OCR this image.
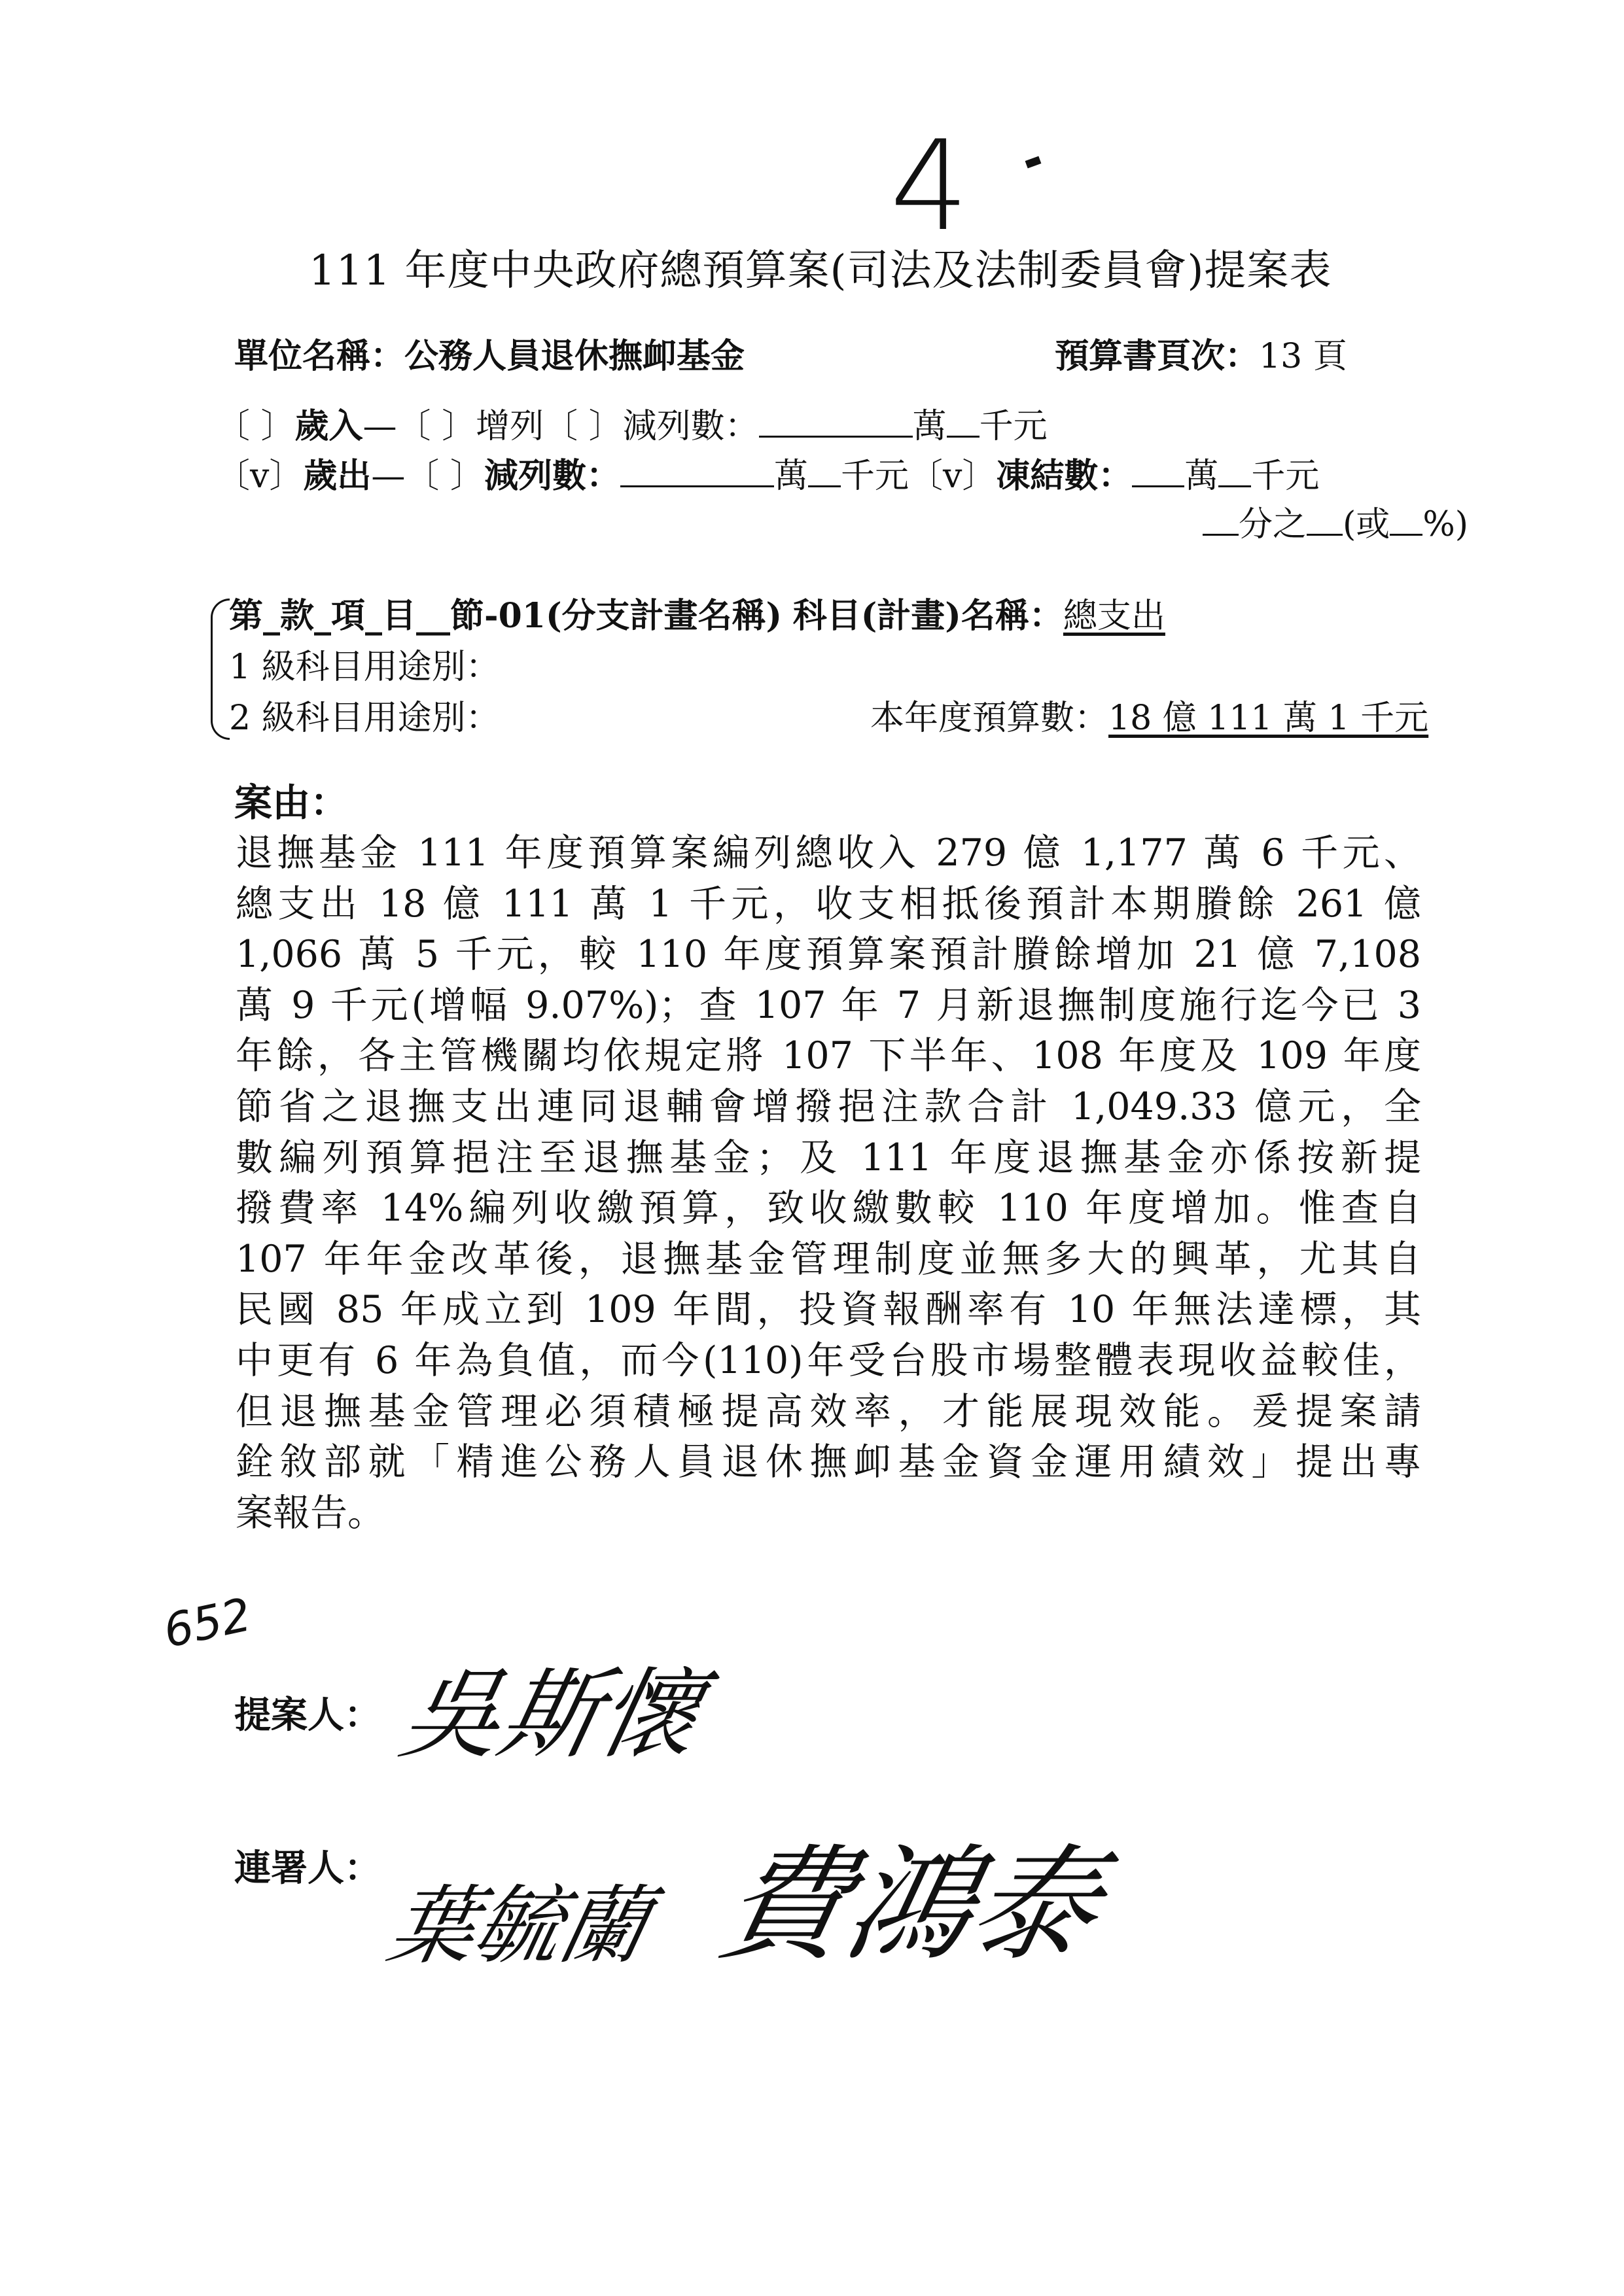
4
111 年度中央政府總預算案(司法及法制委員會)提案表
單位名稱：公務人員退休撫卹基金	預算書頁次：13 頁
〔 〕歲入—〔 〕增列〔 〕減列數：	萬 千元
〔v〕歲出—〔 〕減列數：	萬 千元〔v〕凍結數： 萬 千元
分之 (或 %)
第_款_項_目__節-01(分支計畫名稱) 科目(計畫)名稱：總支出
1 級科目用途別：
2 級科目用途別：	本年度預算數：18 億 111 萬 1 千元
案由：
退撫基金 111 年度預算案編列總收入 279 億 1,177 萬 6 千元、
總支出 18 億 111 萬 1 千元，收支相抵後預計本期賸餘 261 億
1,066 萬 5 千元，較 110 年度預算案預計賸餘增加 21 億 7,108
萬 9 千元(增幅 9.07%)；查 107 年 7 月新退撫制度施行迄今已 3
年餘，各主管機關均依規定將 107 下半年、108 年度及 109 年度
節省之退撫支出連同退輔會增撥挹注款合計 1,049.33 億元，全
數編列預算挹注至退撫基金；及 111 年度退撫基金亦係按新提
撥費率 14%編列收繳預算，致收繳數較 110 年度增加。惟查自
107 年年金改革後，退撫基金管理制度並無多大的興革，尤其自
民國 85 年成立到 109 年間，投資報酬率有 10 年無法達標，其
中更有 6 年為負值，而今(110)年受台股市場整體表現收益較佳，
但退撫基金管理必須積極提高效率，才能展現效能。爰提案請
銓敘部就「精進公務人員退休撫卹基金資金運用績效」提出專
案報告。
652
提案人： 吳斯懷
連署人：
葉毓蘭 費鴻泰
